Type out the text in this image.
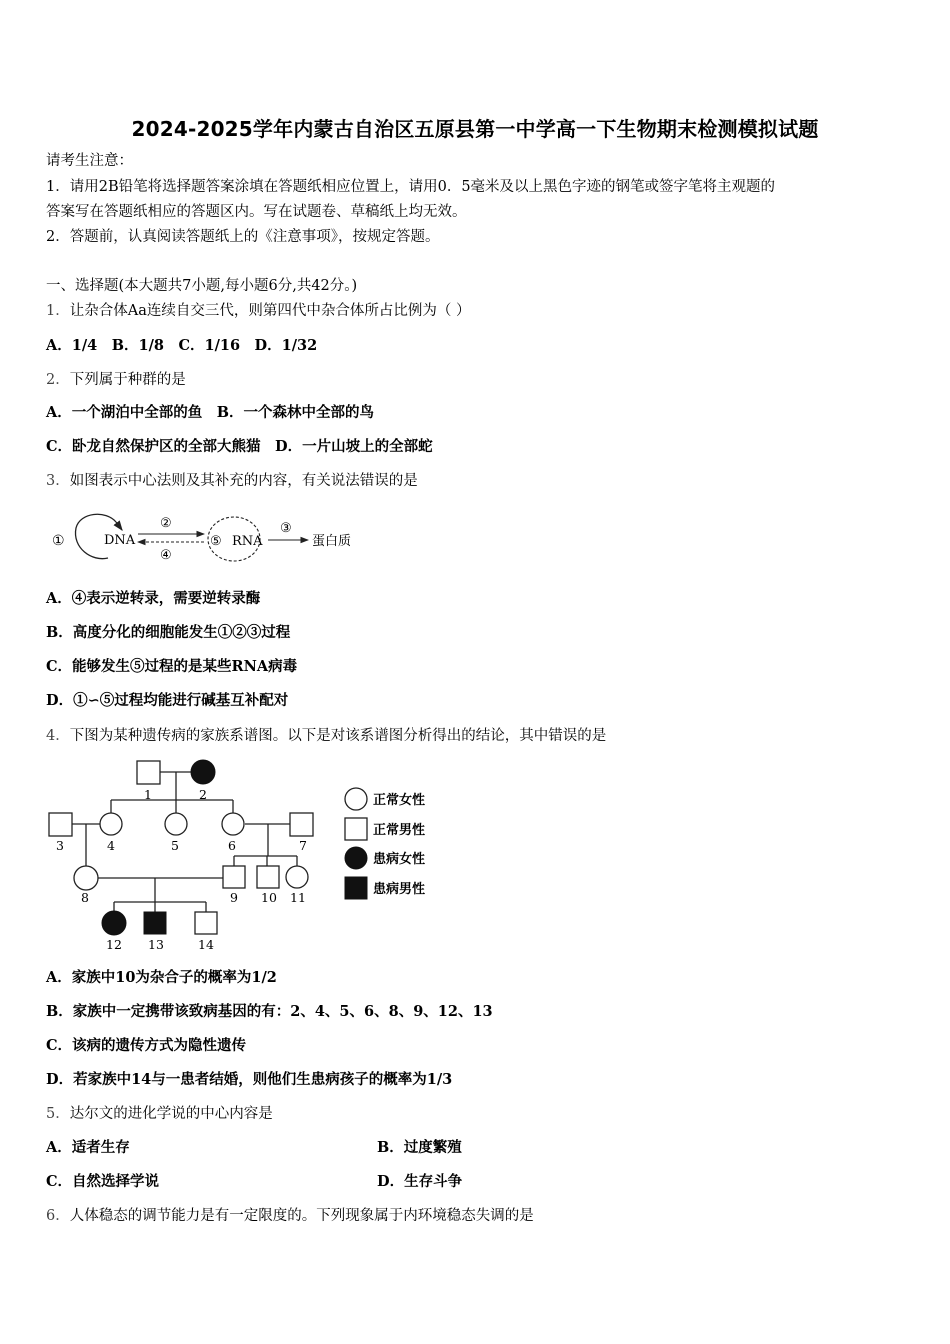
2024-2025学年内蒙古自治区五原县第一中学高一下生物期末检测模拟试题
请考生注意：
1．请用2B铅笔将选择题答案涂填在答题纸相应位置上，请用0．5毫米及以上黑色字迹的钢笔或签字笔将主观题的
答案写在答题纸相应的答题区内。写在试题卷、草稿纸上均无效。
2．答题前，认真阅读答题纸上的《注意事项》，按规定答题。
一、选择题(本大题共7小题,每小题6分,共42分。)
1．让杂合体Aa连续自交三代，则第四代中杂合体所占比例为（ ）
A．1/4　B．1/8　C．1/16　D．1/32
2．下列属于种群的是
A．一个湖泊中全部的鱼　B．一个森林中全部的鸟
C．卧龙自然保护区的全部大熊猫　D．一片山坡上的全部蛇
3．如图表示中心法则及其补充的内容，有关说法错误的是
①	DNA
②
④
⑤ RNA
③
蛋白质
A．④表示逆转录，需要逆转录酶
B．高度分化的细胞能发生①②③过程
C．能够发生⑤过程的是某些RNA病毒
D．①∽⑤过程均能进行碱基互补配对
4．下图为某种遗传病的家族系谱图。以下是对该系谱图分析得出的结论，其中错误的是
1	2
3	4	5	6	7
8	9 10 11
12 13	14
正常女性
正常男性
患病女性
患病男性
A．家族中10为杂合子的概率为1/2
B．家族中一定携带该致病基因的有：2、4、5、6、8、9、12、13
C．该病的遗传方式为隐性遗传
D．若家族中14与一患者结婚，则他们生患病孩子的概率为1/3
5．达尔文的进化学说的中心内容是
A．适者生存	B．过度繁殖
C．自然选择学说	D．生存斗争
6．人体稳态的调节能力是有一定限度的。下列现象属于内环境稳态失调的是
